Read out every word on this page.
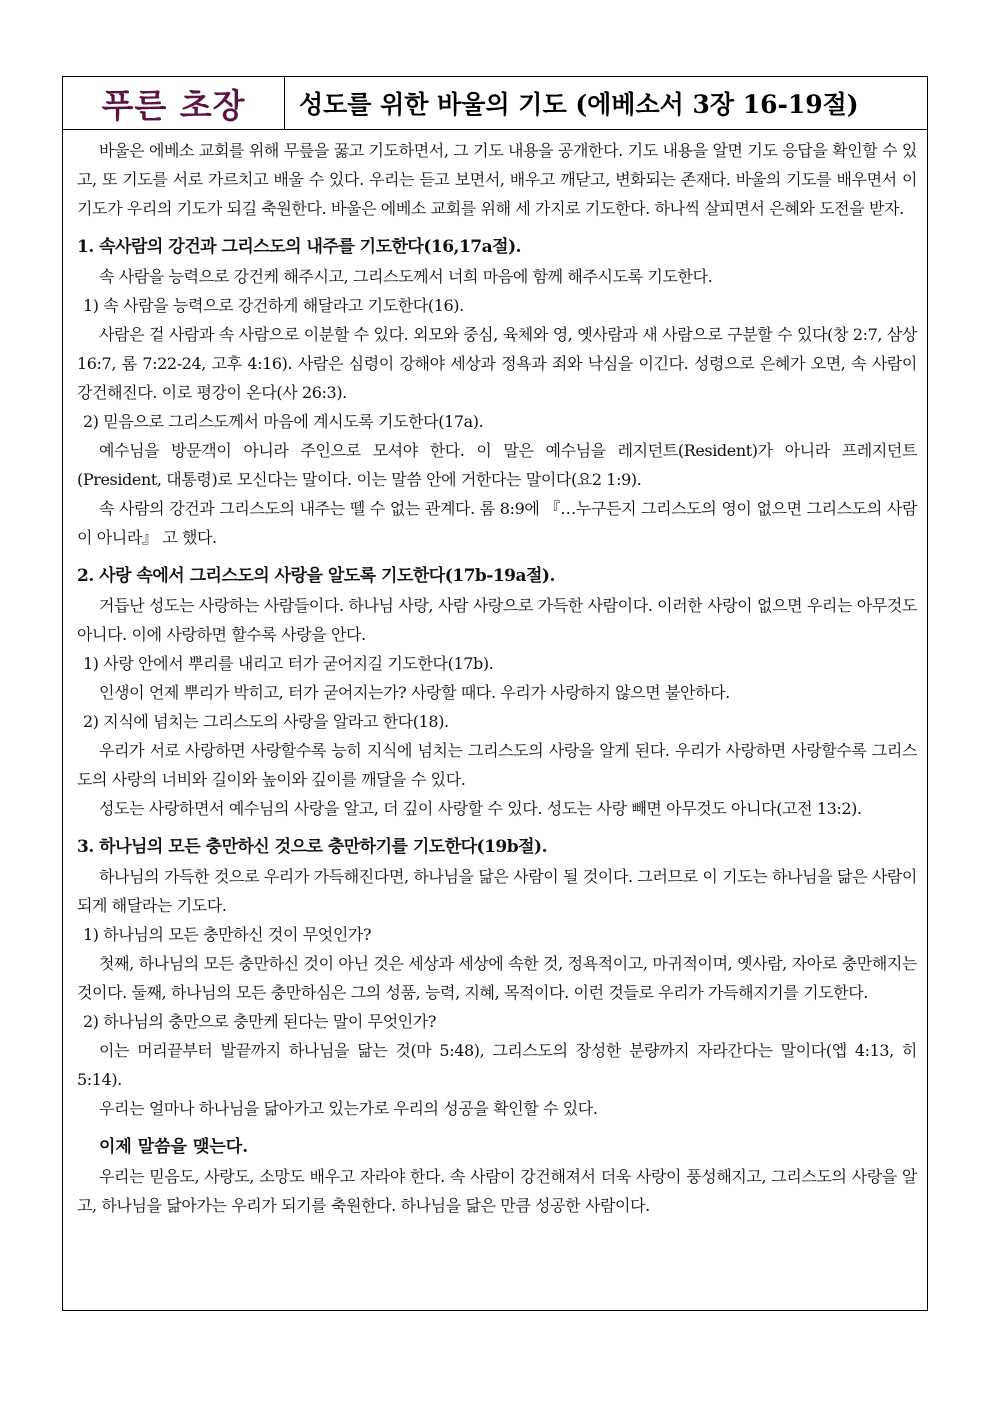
푸른 초장	성도를 위한 바울의 기도 (에베소서 3장 16-19절)

바울은 에베소 교회를 위해 무릎을 꿇고 기도하면서, 그 기도 내용을 공개한다. 기도 내용을 알면 기도 응답을 확인할 수 있고, 또 기도를 서로 가르치고 배울 수 있다. 우리는 듣고 보면서, 배우고 깨닫고, 변화되는 존재다. 바울의 기도를 배우면서 이 기도가 우리의 기도가 되길 축원한다. 바울은 에베소 교회를 위해 세 가지로 기도한다. 하나씩 살피면서 은혜와 도전을 받자.

1. 속사람의 강건과 그리스도의 내주를 기도한다(16,17a절).

속 사람을 능력으로 강건케 해주시고, 그리스도께서 너희 마음에 함께 해주시도록 기도한다.

1) 속 사람을 능력으로 강건하게 해달라고 기도한다(16).

사람은 겉 사람과 속 사람으로 이분할 수 있다. 외모와 중심, 육체와 영, 옛사람과 새 사람으로 구분할 수 있다(창 2:7, 삼상 16:7, 롬 7:22-24, 고후 4:16). 사람은 심령이 강해야 세상과 정욕과 죄와 낙심을 이긴다. 성령으로 은혜가 오면, 속 사람이 강건해진다. 이로 평강이 온다(사 26:3).

2) 믿음으로 그리스도께서 마음에 계시도록 기도한다(17a).

예수님을 방문객이 아니라 주인으로 모셔야 한다. 이 말은 예수님을 레지던트(Resident)가 아니라 프레지던트(President, 대통령)로 모신다는 말이다. 이는 말씀 안에 거한다는 말이다(요2 1:9).

속 사람의 강건과 그리스도의 내주는 뗄 수 없는 관계다. 롬 8:9에 『…누구든지 그리스도의 영이 없으면 그리스도의 사람이 아니라』 고 했다.

2. 사랑 속에서 그리스도의 사랑을 알도록 기도한다(17b-19a절).

거듭난 성도는 사랑하는 사람들이다. 하나님 사랑, 사람 사랑으로 가득한 사람이다. 이러한 사랑이 없으면 우리는 아무것도 아니다. 이에 사랑하면 할수록 사랑을 안다.

1) 사랑 안에서 뿌리를 내리고 터가 굳어지길 기도한다(17b).

인생이 언제 뿌리가 박히고, 터가 굳어지는가? 사랑할 때다. 우리가 사랑하지 않으면 불안하다.

2) 지식에 넘치는 그리스도의 사랑을 알라고 한다(18).

우리가 서로 사랑하면 사랑할수록 능히 지식에 넘치는 그리스도의 사랑을 알게 된다. 우리가 사랑하면 사랑할수록 그리스도의 사랑의 너비와 길이와 높이와 깊이를 깨달을 수 있다.

성도는 사랑하면서 예수님의 사랑을 알고, 더 깊이 사랑할 수 있다. 성도는 사랑 빼면 아무것도 아니다(고전 13:2).

3. 하나님의 모든 충만하신 것으로 충만하기를 기도한다(19b절).

하나님의 가득한 것으로 우리가 가득해진다면, 하나님을 닮은 사람이 될 것이다. 그러므로 이 기도는 하나님을 닮은 사람이 되게 해달라는 기도다.

1) 하나님의 모든 충만하신 것이 무엇인가?

첫째, 하나님의 모든 충만하신 것이 아닌 것은 세상과 세상에 속한 것, 정욕적이고, 마귀적이며, 옛사람, 자아로 충만해지는 것이다. 둘째, 하나님의 모든 충만하심은 그의 성품, 능력, 지혜, 목적이다. 이런 것들로 우리가 가득해지기를 기도한다.

2) 하나님의 충만으로 충만케 된다는 말이 무엇인가?

이는 머리끝부터 발끝까지 하나님을 닮는 것(마 5:48), 그리스도의 장성한 분량까지 자라간다는 말이다(엡 4:13, 히 5:14).

우리는 얼마나 하나님을 닮아가고 있는가로 우리의 성공을 확인할 수 있다.

이제 말씀을 맺는다.

우리는 믿음도, 사랑도, 소망도 배우고 자라야 한다. 속 사람이 강건해져서 더욱 사랑이 풍성해지고, 그리스도의 사랑을 알고, 하나님을 닮아가는 우리가 되기를 축원한다. 하나님을 닮은 만큼 성공한 사람이다.
